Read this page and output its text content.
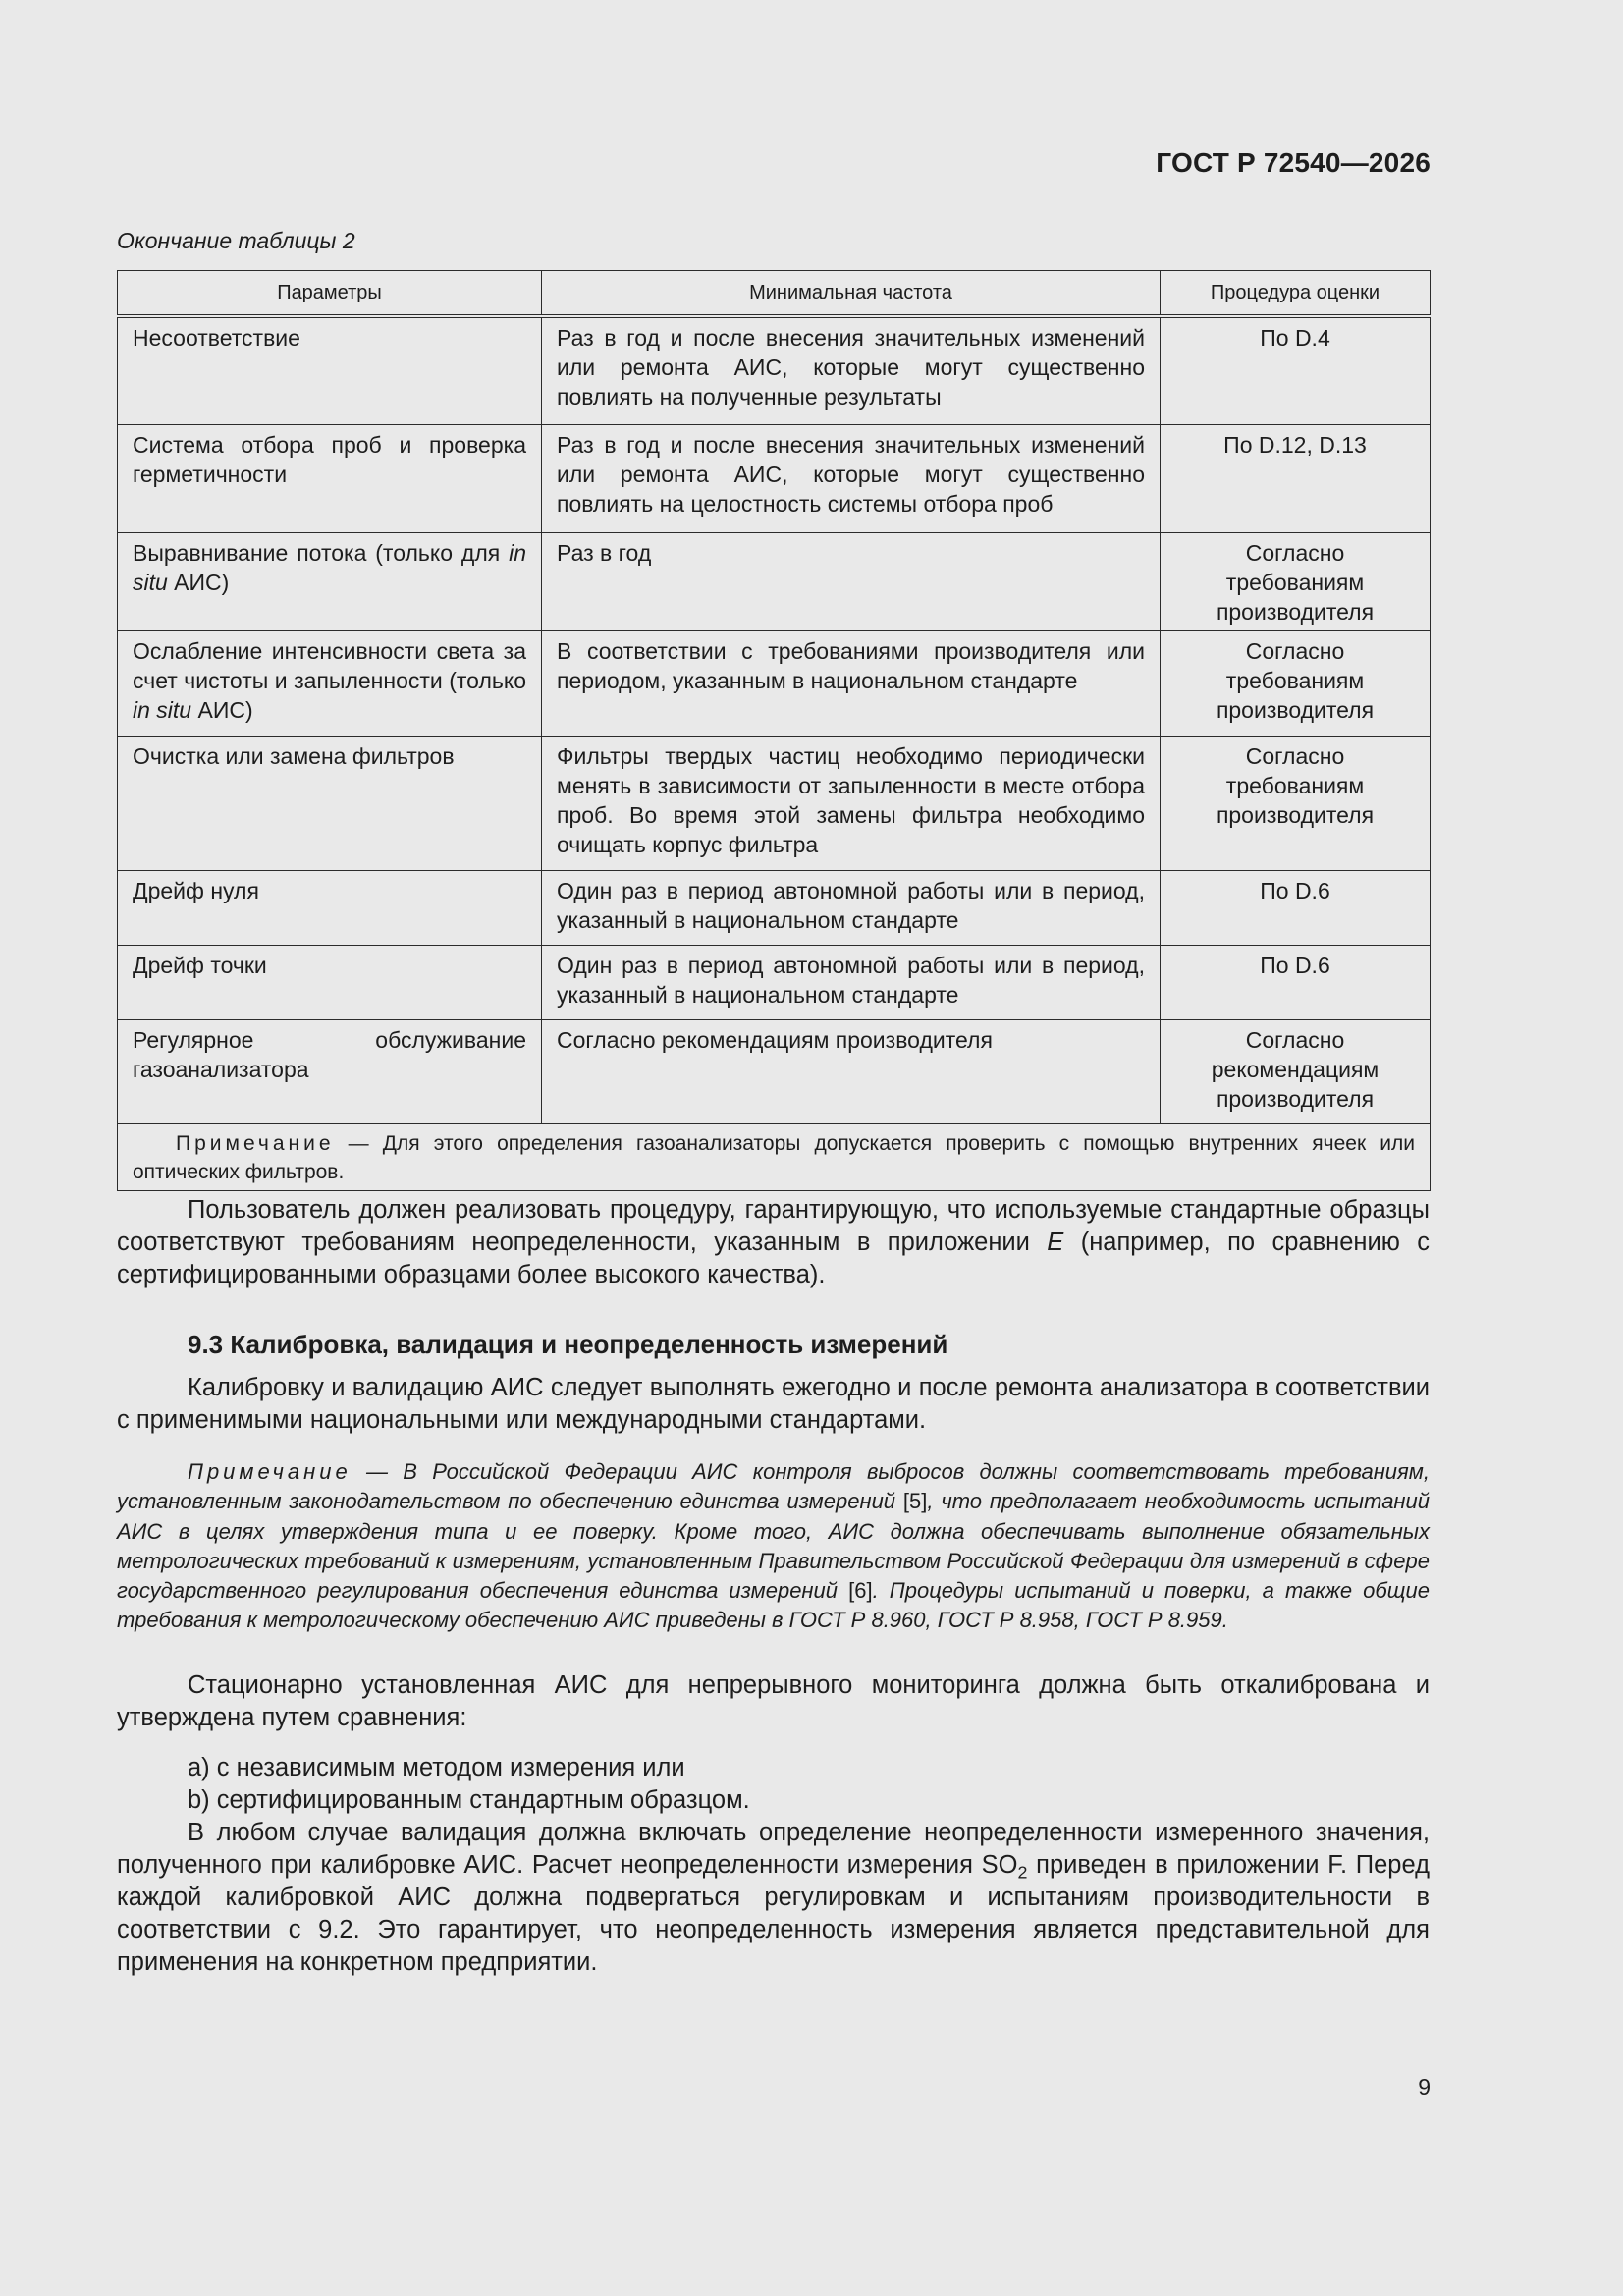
ГОСТ Р 72540—2026
Окончание таблицы 2
Параметры	Минимальная частота	Процедура оценки
Несоответствие	Раз в год и после внесения значительных изменений или ремонта АИС, которые могут существенно повлиять на полученные результаты	По D.4
Система отбора проб и проверка герметичности	Раз в год и после внесения значительных изменений или ремонта АИС, которые могут существенно повлиять на целостность системы отбора проб	По D.12, D.13
Выравнивание потока (только для in situ АИС)	Раз в год	Согласно требованиям производителя
Ослабление интенсивности света за счет чистоты и запыленности (только in situ АИС)	В соответствии с требованиями производителя или периодом, указанным в национальном стандарте	Согласно требованиям производителя
Очистка или замена фильтров	Фильтры твердых частиц необходимо периодически менять в зависимости от запыленности в месте отбора проб. Во время этой замены фильтра необходимо очищать корпус фильтра	Согласно требованиям производителя
Дрейф нуля	Один раз в период автономной работы или в период, указанный в национальном стандарте	По D.6
Дрейф точки	Один раз в период автономной работы или в период, указанный в национальном стандарте	По D.6
Регулярное обслуживание газоанализатора	Согласно рекомендациям производителя	Согласно рекомендациям производителя
Примечание — Для этого определения газоанализаторы допускается проверить с помощью внутренних ячеек или оптических фильтров.		

Пользователь должен реализовать процедуру, гарантирующую, что используемые стандартные образцы соответствуют требованиям неопределенности, указанным в приложении E (например, по сравнению с сертифицированными образцами более высокого качества).

9.3 Калибровка, валидация и неопределенность измерений

Калибровку и валидацию АИС следует выполнять ежегодно и после ремонта анализатора в соответствии с применимыми национальными или международными стандартами.

Примечание — В Российской Федерации АИС контроля выбросов должны соответствовать требованиям, установленным законодательством по обеспечению единства измерений [5], что предполагает необходимость испытаний АИС в целях утверждения типа и ее поверку. Кроме того, АИС должна обеспечивать выполнение обязательных метрологических требований к измерениям, установленным Правительством Российской Федерации для измерений в сфере государственного регулирования обеспечения единства измерений [6]. Процедуры испытаний и поверки, а также общие требования к метрологическому обеспечению АИС приведены в ГОСТ Р 8.960, ГОСТ Р 8.958, ГОСТ Р 8.959.

Стационарно установленная АИС для непрерывного мониторинга должна быть откалибрована и утверждена путем сравнения:

a) с независимым методом измерения или
b) сертифицированным стандартным образцом.

В любом случае валидация должна включать определение неопределенности измеренного значения, полученного при калибровке АИС. Расчет неопределенности измерения $SO_2$ приведен в приложении F. Перед каждой калибровкой АИС должна подвергаться регулировкам и испытаниям производительности в соответствии с 9.2. Это гарантирует, что неопределенность измерения является представительной для применения на конкретном предприятии.

9
